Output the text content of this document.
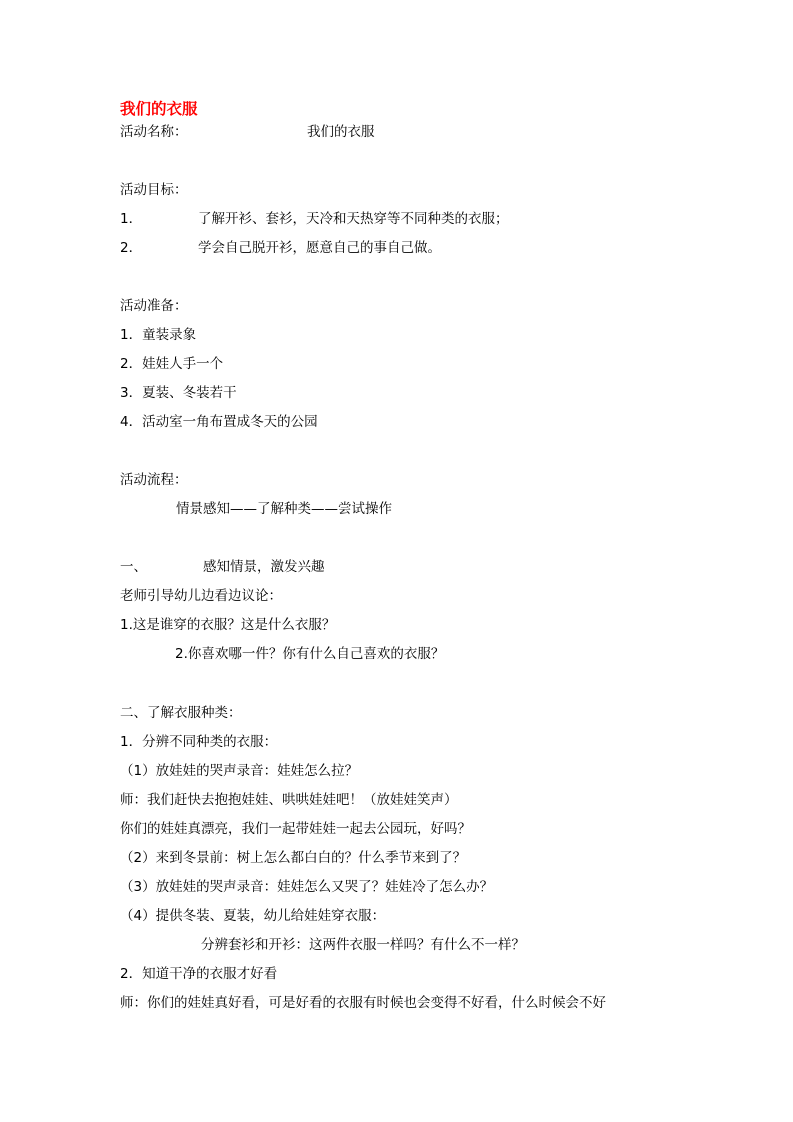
我们的衣服
活动名称：	我们的衣服
活动目标：
1．	了解开衫、套衫，天冷和天热穿等不同种类的衣服；
2．	学会自己脱开衫，愿意自己的事自己做。
活动准备：
1．童装录象
2．娃娃人手一个
3．夏装、冬装若干
4．活动室一角布置成冬天的公园
活动流程：
情景感知——了解种类——尝试操作
一、	感知情景，激发兴趣
老师引导幼儿边看边议论：
1.这是谁穿的衣服？这是什么衣服？
2.你喜欢哪一件？你有什么自己喜欢的衣服？
二、了解衣服种类：
1．分辨不同种类的衣服：
（1）放娃娃的哭声录音：娃娃怎么拉？
师：我们赶快去抱抱娃娃、哄哄娃娃吧！（放娃娃笑声）
你们的娃娃真漂亮，我们一起带娃娃一起去公园玩，好吗？
（2）来到冬景前：树上怎么都白白的？什么季节来到了？
（3）放娃娃的哭声录音：娃娃怎么又哭了？娃娃冷了怎么办？
（4）提供冬装、夏装，幼儿给娃娃穿衣服：
分辨套衫和开衫：这两件衣服一样吗？有什么不一样？
2．知道干净的衣服才好看
师：你们的娃娃真好看，可是好看的衣服有时候也会变得不好看，什么时候会不好
